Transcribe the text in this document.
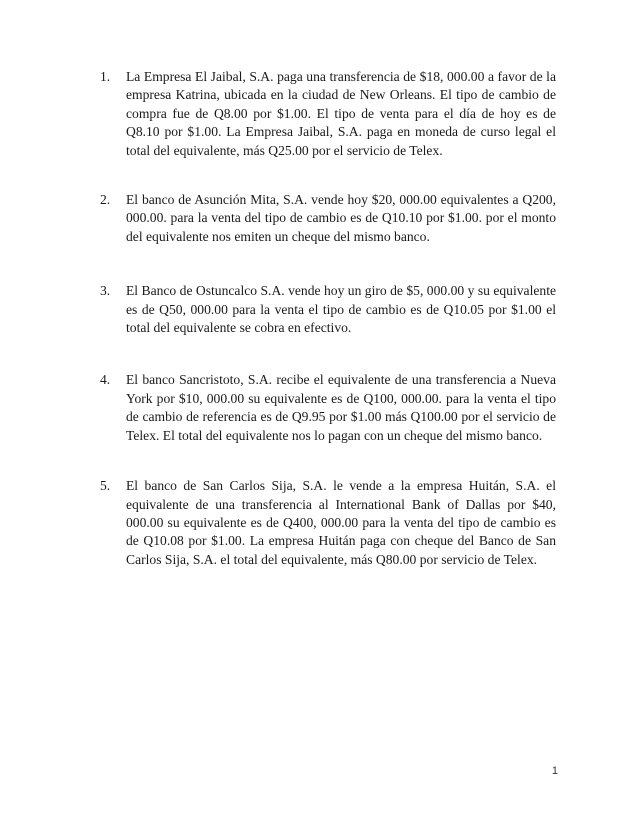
1.	La Empresa El Jaibal, S.A. paga una transferencia de $18, 000.00 a favor de la empresa Katrina, ubicada en la ciudad de New Orleans. El tipo de cambio de compra fue de Q8.00 por $1.00. El tipo de venta para el día de hoy es de Q8.10 por $1.00. La Empresa Jaibal, S.A. paga en moneda de curso legal el total del equivalente, más Q25.00 por el servicio de Telex.
2.	El banco de Asunción Mita, S.A. vende hoy $20, 000.00 equivalentes a Q200, 000.00. para la venta del tipo de cambio es de Q10.10 por $1.00. por el monto del equivalente nos emiten un cheque del mismo banco.
3.	El Banco de Ostuncalco S.A. vende hoy un giro de $5, 000.00 y su equivalente es de Q50, 000.00 para la venta el tipo de cambio es de Q10.05 por $1.00 el total del equivalente se cobra en efectivo.
4.	El banco Sancristoto, S.A. recibe el equivalente de una transferencia a Nueva York por $10, 000.00 su equivalente es de Q100, 000.00. para la venta el tipo de cambio de referencia es de Q9.95 por $1.00 más Q100.00 por el servicio de Telex. El total del equivalente nos lo pagan con un cheque del mismo banco.
5.	El banco de San Carlos Sija, S.A. le vende a la empresa Huitán, S.A. el equivalente de una transferencia al International Bank of Dallas por $40, 000.00 su equivalente es de Q400, 000.00 para la venta del tipo de cambio es de Q10.08 por $1.00. La empresa Huitán paga con cheque del Banco de San Carlos Sija, S.A. el total del equivalente, más Q80.00 por servicio de Telex.
1
